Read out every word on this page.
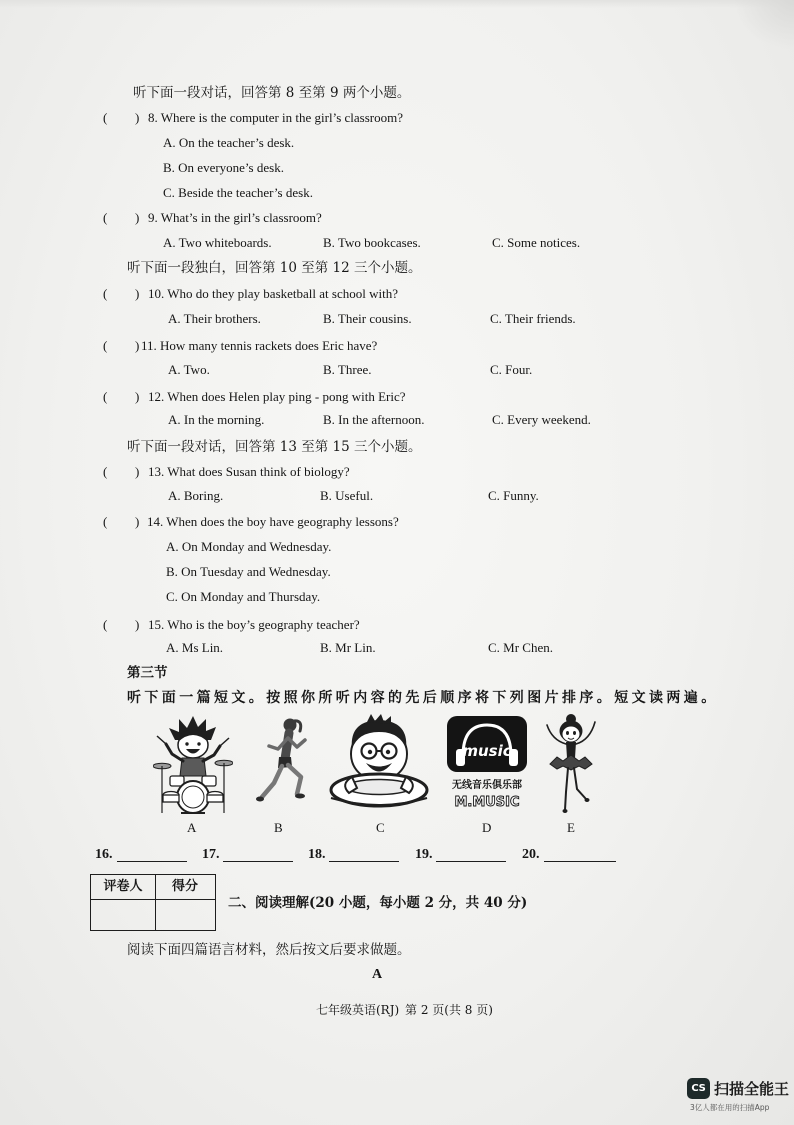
听下面一段对话，回答第 8 至第 9 两个小题。
( ) 8. Where is the computer in the girl’s classroom?
A. On the teacher’s desk.
B. On everyone’s desk.
C. Beside the teacher’s desk.
( ) 9. What’s in the girl’s classroom?
A. Two whiteboards.	B. Two bookcases.	C. Some notices.
听下面一段独白，回答第 10 至第 12 三个小题。
( ) 10. Who do they play basketball at school with?
A. Their brothers.	B. Their cousins.	C. Their friends.
( ) 11. How many tennis rackets does Eric have?
A. Two.	B. Three.	C. Four.
( ) 12. When does Helen play ping - pong with Eric?
A. In the morning.	B. In the afternoon.	C. Every weekend.
听下面一段对话，回答第 13 至第 15 三个小题。
( ) 13. What does Susan think of biology?
A. Boring.	B. Useful.	C. Funny.
( ) 14. When does the boy have geography lessons?
A. On Monday and Wednesday.
B. On Tuesday and Wednesday.
C. On Monday and Thursday.
( ) 15. Who is the boy’s geography teacher?
A. Ms Lin.	B. Mr Lin.	C. Mr Chen.
第三节
听下面一篇短文。按照你所听内容的先后顺序将下列图片排序。短文读两遍。
A	B	C
music
无线音乐俱乐部
M.MUSIC
D	E
16.	17.	18.	19.	20.
评卷人	得分
二、阅读理解(20 小题，每小题 2 分，共 40 分)
阅读下面四篇语言材料，然后按文后要求做题。
A
七年级英语(RJ) 第 2 页(共 8 页)
CS 扫描全能王
3亿人都在用的扫描App
